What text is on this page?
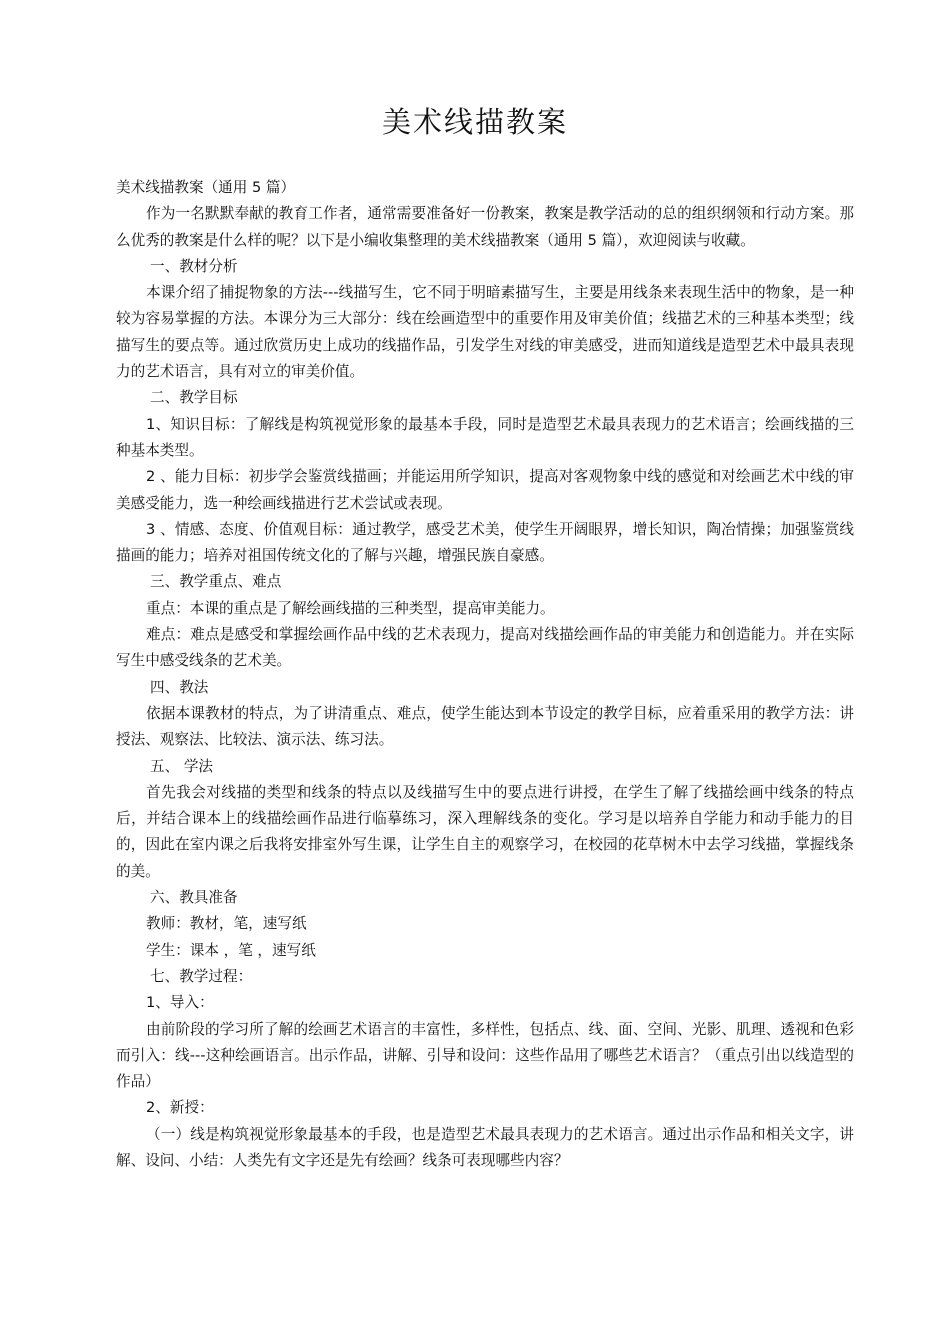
美术线描教案

美术线描教案（通用 5 篇）

作为一名默默奉献的教育工作者，通常需要准备好一份教案，教案是教学活动的总的组织纲领和行动方案。那么优秀的教案是什么样的呢？以下是小编收集整理的美术线描教案（通用 5 篇），欢迎阅读与收藏。

一、教材分析

本课介绍了捕捉物象的方法---线描写生，它不同于明暗素描写生，主要是用线条来表现生活中的物象，是一种较为容易掌握的方法。本课分为三大部分：线在绘画造型中的重要作用及审美价值；线描艺术的三种基本类型；线描写生的要点等。通过欣赏历史上成功的线描作品，引发学生对线的审美感受，进而知道线是造型艺术中最具表现力的艺术语言，具有对立的审美价值。

二、教学目标

1、知识目标：了解线是构筑视觉形象的最基本手段，同时是造型艺术最具表现力的艺术语言；绘画线描的三种基本类型。

2 、能力目标：初步学会鉴赏线描画；并能运用所学知识，提高对客观物象中线的感觉和对绘画艺术中线的审美感受能力，选一种绘画线描进行艺术尝试或表现。

3 、情感、态度、价值观目标：通过教学，感受艺术美，使学生开阔眼界，增长知识，陶冶情操；加强鉴赏线描画的能力；培养对祖国传统文化的了解与兴趣，增强民族自豪感。

三、教学重点、难点

重点：本课的重点是了解绘画线描的三种类型，提高审美能力。

难点：难点是感受和掌握绘画作品中线的艺术表现力，提高对线描绘画作品的审美能力和创造能力。并在实际写生中感受线条的艺术美。

四、教法

依据本课教材的特点，为了讲清重点、难点，使学生能达到本节设定的教学目标，应着重采用的教学方法：讲授法、观察法、比较法、演示法、练习法。

五、 学法

首先我会对线描的类型和线条的特点以及线描写生中的要点进行讲授，在学生了解了线描绘画中线条的特点后，并结合课本上的线描绘画作品进行临摹练习，深入理解线条的变化。学习是以培养自学能力和动手能力的目的，因此在室内课之后我将安排室外写生课，让学生自主的观察学习，在校园的花草树木中去学习线描，掌握线条的美。

六、教具准备

教师：教材，笔，速写纸

学生：课本 ，笔 ，速写纸

七、教学过程：

1、导入：

由前阶段的学习所了解的绘画艺术语言的丰富性，多样性，包括点、线、面、空间、光影、肌理、透视和色彩而引入：线---这种绘画语言。出示作品，讲解、引导和设问：这些作品用了哪些艺术语言？（重点引出以线造型的作品）

2、新授：

（一）线是构筑视觉形象最基本的手段，也是造型艺术最具表现力的艺术语言。通过出示作品和相关文字，讲解、设问、小结：人类先有文字还是先有绘画？线条可表现哪些内容？
